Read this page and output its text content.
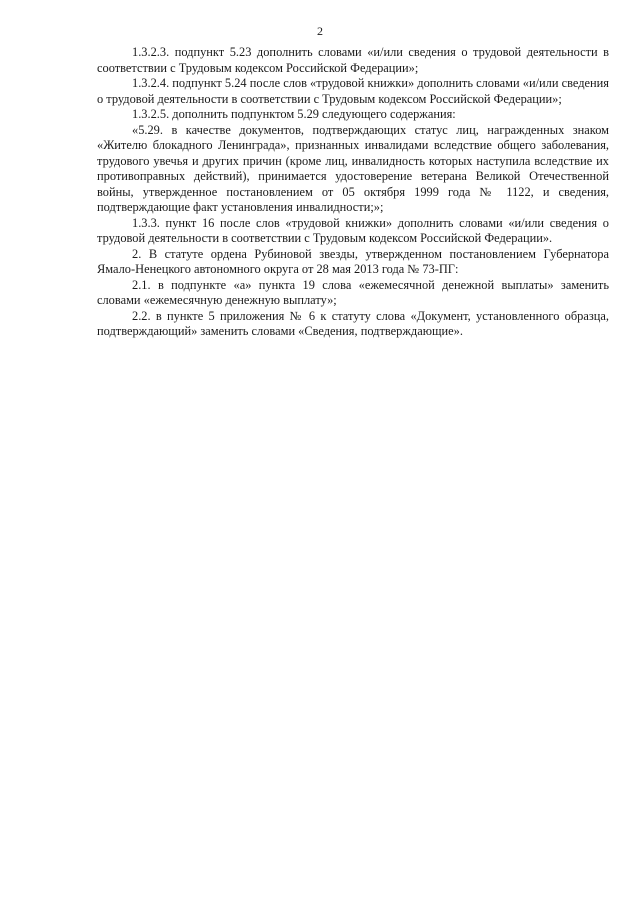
2

1.3.2.3. подпункт 5.23 дополнить словами «и/или сведения о трудовой деятельности в соответствии с Трудовым кодексом Российской Федерации»;

1.3.2.4. подпункт 5.24 после слов «трудовой книжки» дополнить словами «и/или сведения о трудовой деятельности в соответствии с Трудовым кодексом Российской Федерации»;

1.3.2.5. дополнить подпунктом 5.29 следующего содержания:

«5.29. в качестве документов, подтверждающих статус лиц, награжденных знаком «Жителю блокадного Ленинграда», признанных инвалидами вследствие общего заболевания, трудового увечья и других причин (кроме лиц, инвалидность которых наступила вследствие их противоправных действий), принимается удостоверение ветерана Великой Отечественной войны, утвержденное постановлением от 05 октября 1999 года № 1122, и сведения, подтверждающие факт установления инвалидности;»;

1.3.3. пункт 16 после слов «трудовой книжки» дополнить словами «и/или сведения о трудовой деятельности в соответствии с Трудовым кодексом Российской Федерации».

2. В статуте ордена Рубиновой звезды, утвержденном постановлением Губернатора Ямало-Ненецкого автономного округа от 28 мая 2013 года № 73-ПГ:

2.1. в подпункте «а» пункта 19 слова «ежемесячной денежной выплаты» заменить словами «ежемесячную денежную выплату»;

2.2. в пункте 5 приложения № 6 к статуту слова «Документ, установленного образца, подтверждающий» заменить словами «Сведения, подтверждающие».
